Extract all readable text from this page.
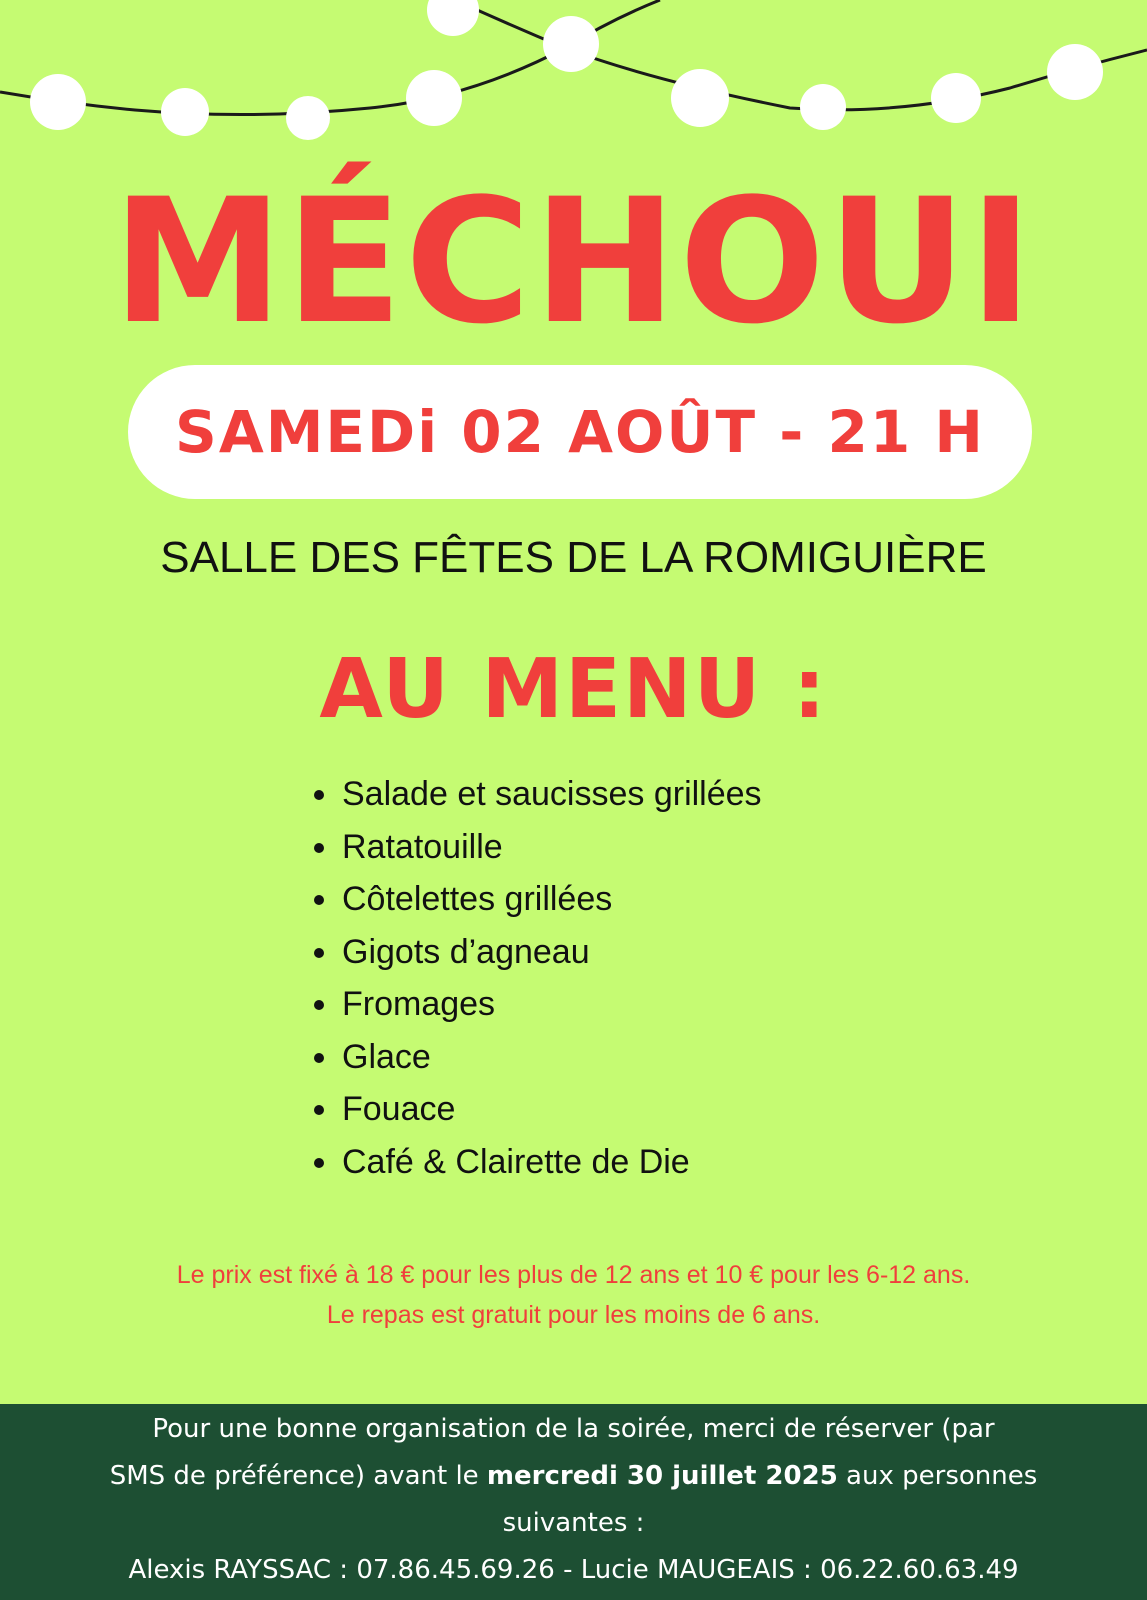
MÉCHOUI
SAMEDi 02 AOÛT - 21 H
SALLE DES FÊTES DE LA ROMIGUIÈRE
AU MENU :
Salade et saucisses grillées
Ratatouille
Côtelettes grillées
Gigots d’agneau
Fromages
Glace
Fouace
Café & Clairette de Die
Le prix est fixé à 18 € pour les plus de 12 ans et 10 € pour les 6-12 ans.
Le repas est gratuit pour les moins de 6 ans.
Pour une bonne organisation de la soirée, merci de réserver (par
SMS de préférence) avant le mercredi 30 juillet 2025 aux personnes
suivantes :
Alexis RAYSSAC : 07.86.45.69.26 - Lucie MAUGEAIS : 06.22.60.63.49
